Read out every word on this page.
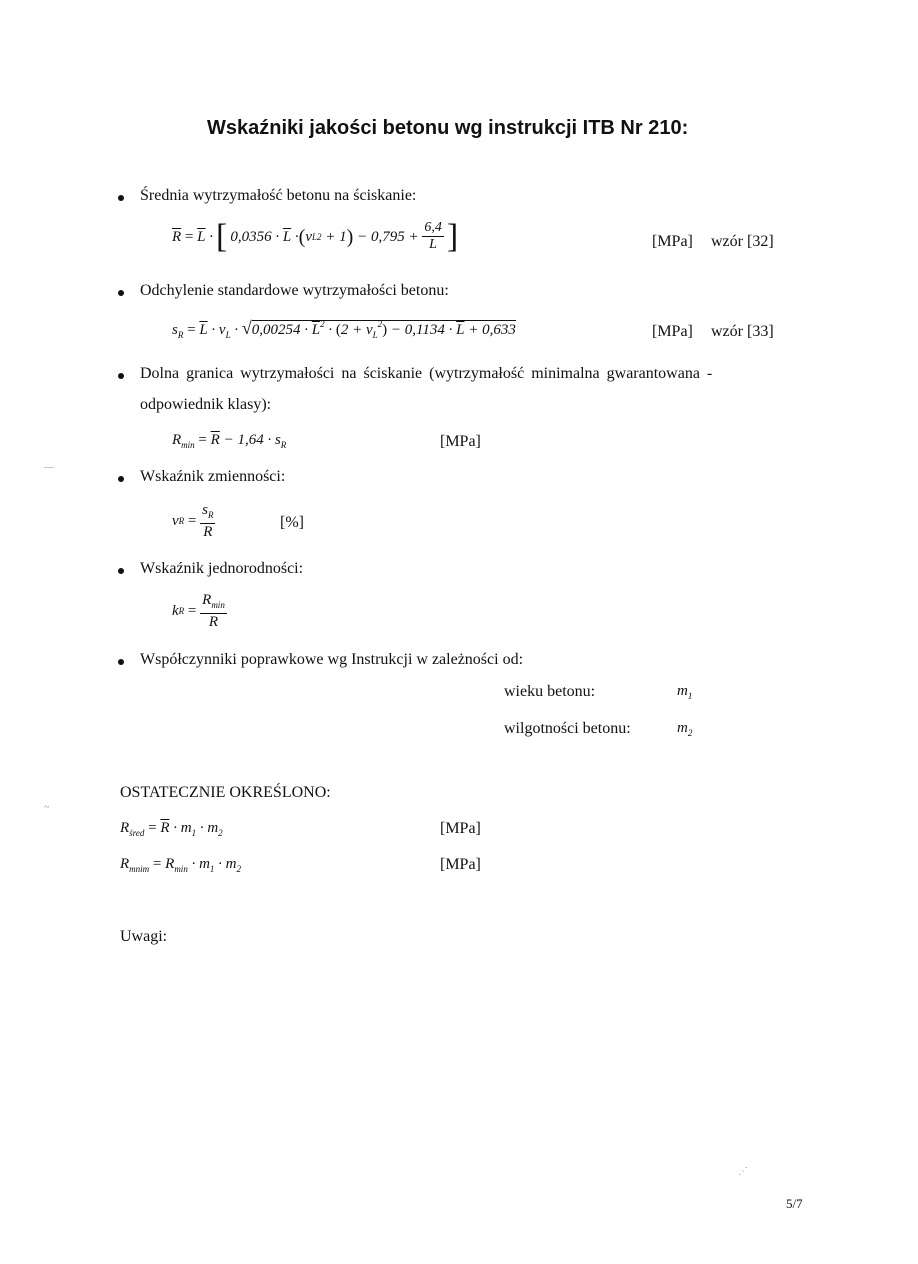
Wskaźniki jakości betonu wg instrukcji ITB Nr 210:
Średnia wytrzymałość betonu na ściskanie:
$\overline{R}$
=
$\overline{L}$ · [ $0,0356 \cdot \overline{L}$ · ( v L 2 + 1 ) − $0,795 + \frac{6,4}{L}$ ]	[MPa] wzór [32]
Odchylenie standardowe wytrzymałości betonu:
$s_R = \overline{L} \cdot v_L \cdot √0,00254 \cdot \overline{L}^2 \cdot (2 + v_L^2) - 0,1134 \cdot \overline{L} + 0,633$	[MPa] wzór [33]
Dolna granica wytrzymałości na ściskanie (wytrzymałość minimalna gwarantowana -
odpowiednik klasy):
$R_{min} = \overline{R} - 1,64 \cdot s_R$	[MPa]
Wskaźnik zmienności:
v R
=
$\frac{s_R}{R}$	[%]
Wskaźnik jednorodności:
k R
=
$\frac{R_{min}}{R}$
Współczynniki poprawkowe wg Instrukcji w zależności od:
wieku betonu:	$m_1$
wilgotności betonu:	$m_2$
OSTATECZNIE OKREŚLONO:
$R_{śred} = \overline{R} \cdot m_1 \cdot m_2$	[MPa]
$R_{mnim} = R_{min} \cdot m_1 \cdot m_2$	[MPa]
Uwagi:
—
~
⋰
5/7
